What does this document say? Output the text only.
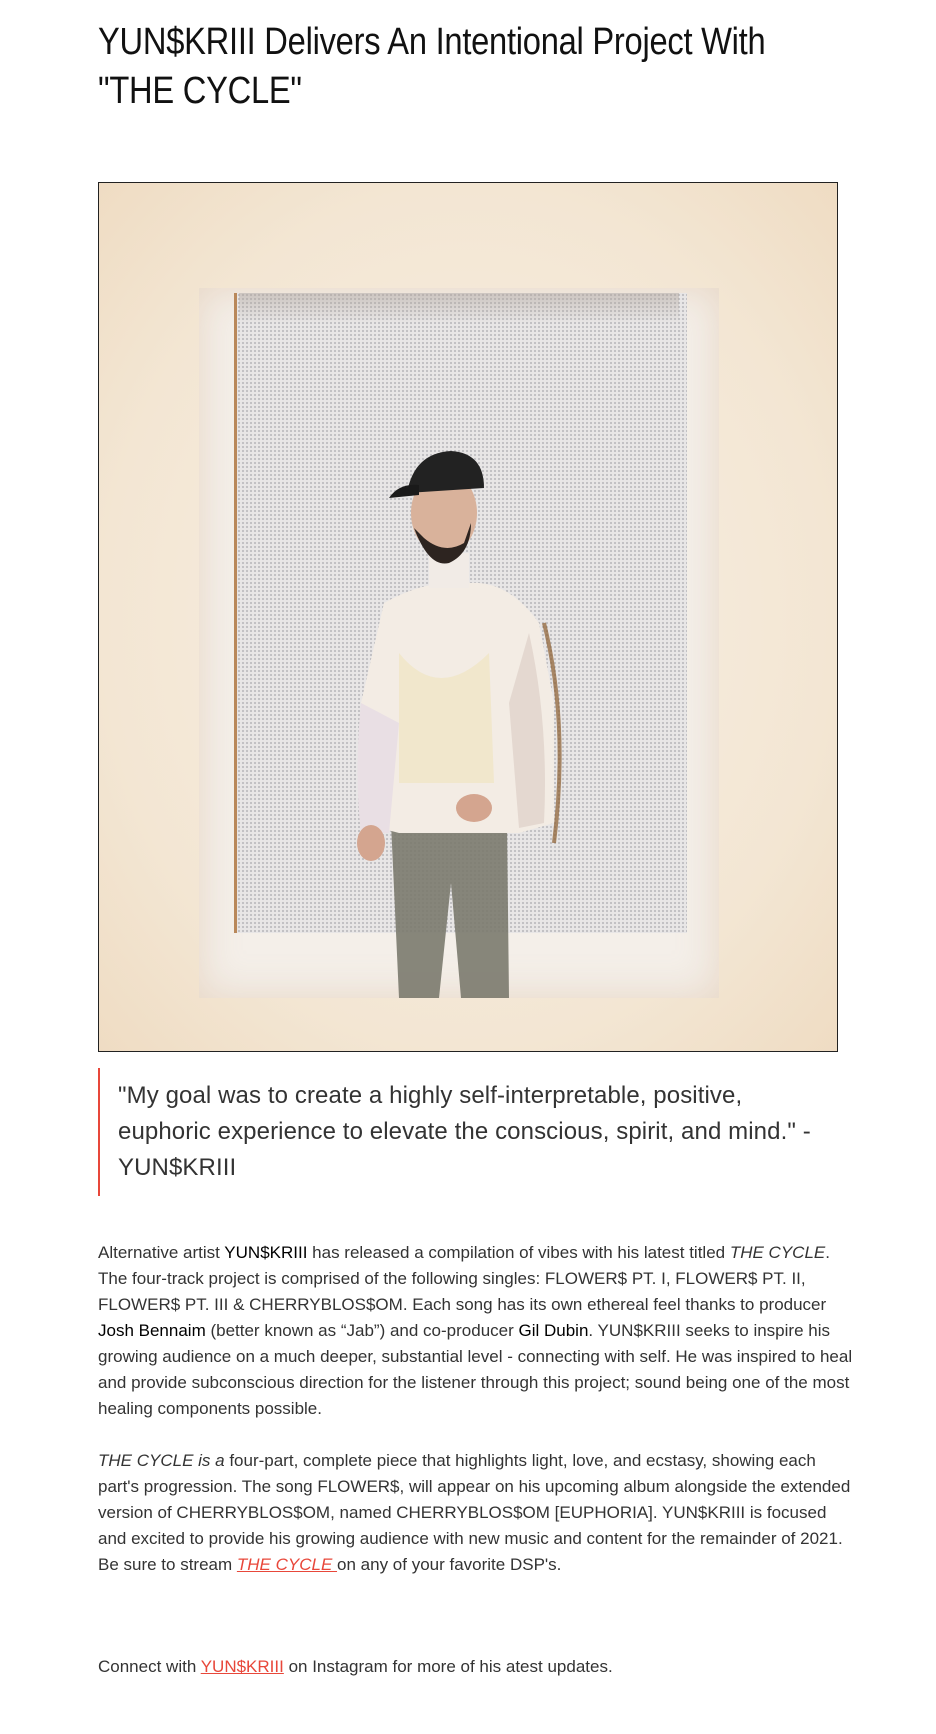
YUN$KRIII Delivers An Intentional Project With "THE CYCLE"

"My goal was to create a highly self-interpretable, positive, euphoric experience to elevate the conscious, spirit, and mind." - YUN$KRIII

Alternative artist YUN$KRIII has released a compilation of vibes with his latest titled THE CYCLE. The four-track project is comprised of the following singles: FLOWER$ PT. I, FLOWER$ PT. II, FLOWER$ PT. III & CHERRYBLOS$OM. Each song has its own ethereal feel thanks to producer Josh Bennaim (better known as “Jab”) and co-producer Gil Dubin. YUN$KRIII seeks to inspire his growing audience on a much deeper, substantial level - connecting with self. He was inspired to heal and provide subconscious direction for the listener through this project; sound being one of the most healing components possible.

THE CYCLE is a four-part, complete piece that highlights light, love, and ecstasy, showing each part's progression. The song FLOWER$, will appear on his upcoming album alongside the extended version of CHERRYBLOS$OM, named CHERRYBLOS$OM [EUPHORIA]. YUN$KRIII is focused and excited to provide his growing audience with new music and content for the remainder of 2021. Be sure to stream THE CYCLE on any of your favorite DSP's.

Connect with YUN$KRIII on Instagram for more of his atest updates.
